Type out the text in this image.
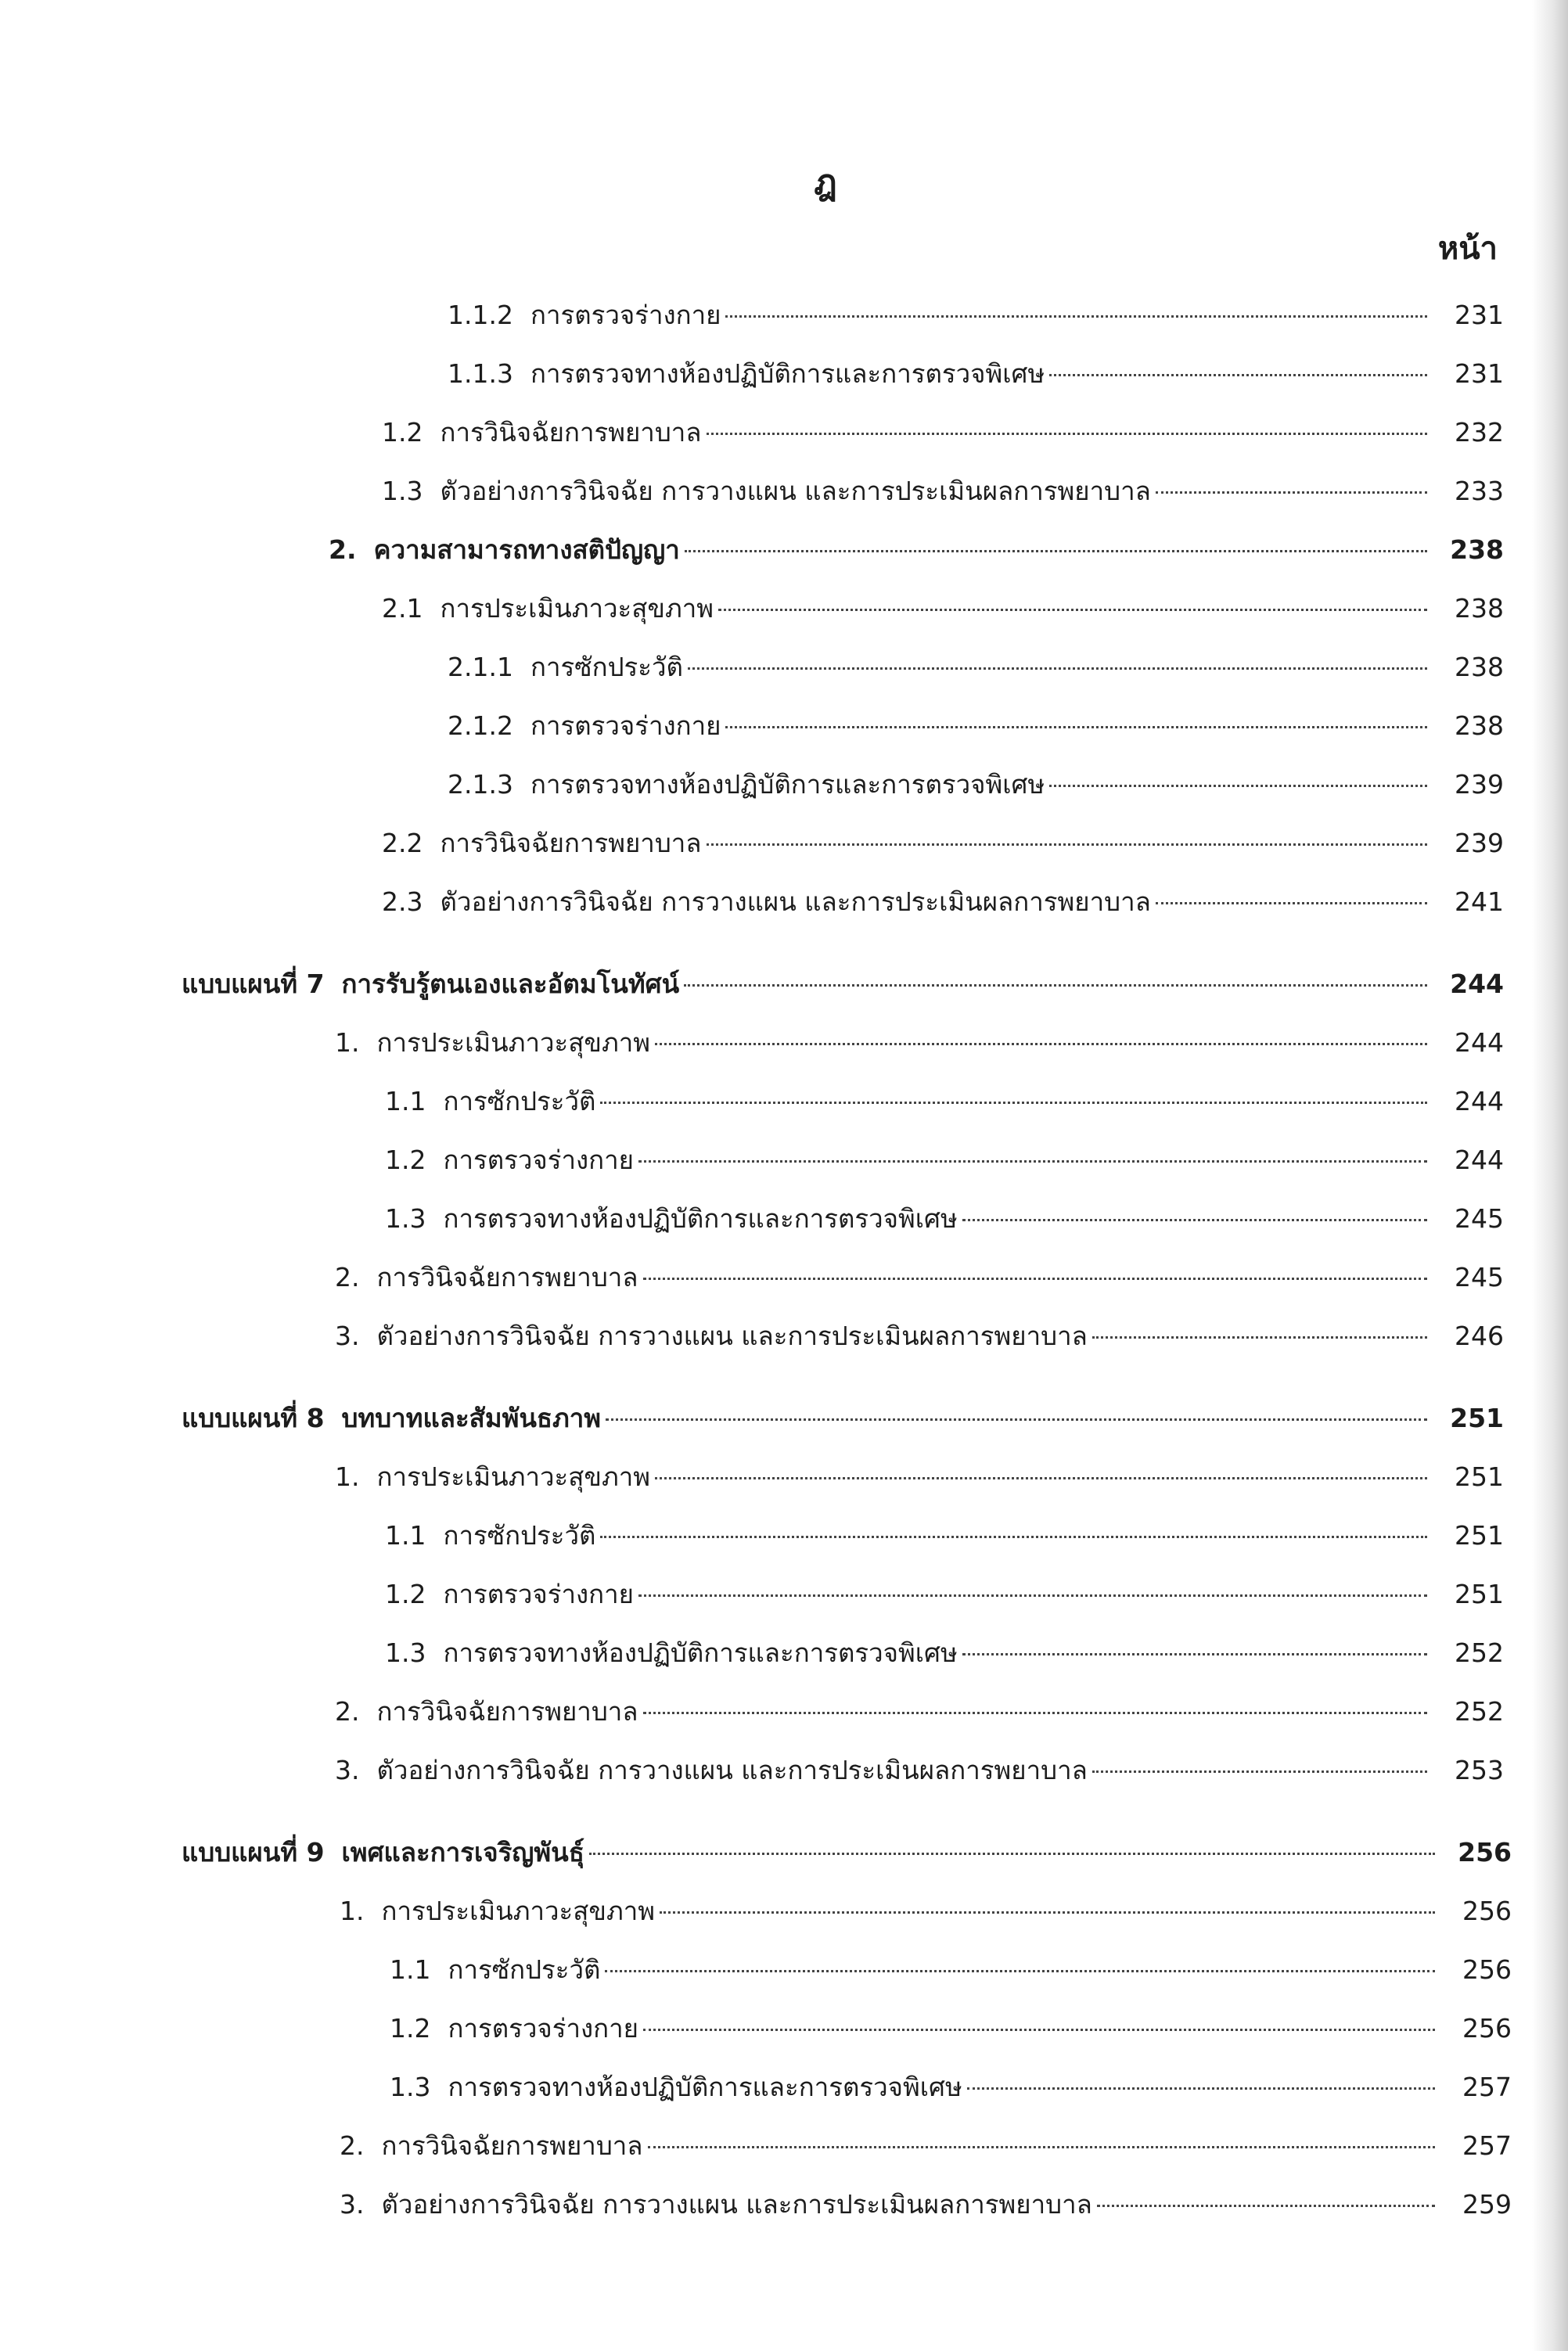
ฎ
หน้า
1.1.2 การตรวจร่างกาย	231
1.1.3 การตรวจทางห้องปฏิบัติการและการตรวจพิเศษ	231
1.2 การวินิจฉัยการพยาบาล	232
1.3 ตัวอย่างการวินิจฉัย การวางแผน และการประเมินผลการพยาบาล	233
2. ความสามารถทางสติปัญญา	238
2.1 การประเมินภาวะสุขภาพ	238
2.1.1 การซักประวัติ	238
2.1.2 การตรวจร่างกาย	238
2.1.3 การตรวจทางห้องปฏิบัติการและการตรวจพิเศษ	239
2.2 การวินิจฉัยการพยาบาล	239
2.3 ตัวอย่างการวินิจฉัย การวางแผน และการประเมินผลการพยาบาล	241
แบบแผนที่ 7 การรับรู้ตนเองและอัตมโนทัศน์	244
1. การประเมินภาวะสุขภาพ	244
1.1 การซักประวัติ	244
1.2 การตรวจร่างกาย	244
1.3 การตรวจทางห้องปฏิบัติการและการตรวจพิเศษ	245
2. การวินิจฉัยการพยาบาล	245
3. ตัวอย่างการวินิจฉัย การวางแผน และการประเมินผลการพยาบาล	246
แบบแผนที่ 8 บทบาทและสัมพันธภาพ	251
1. การประเมินภาวะสุขภาพ	251
1.1 การซักประวัติ	251
1.2 การตรวจร่างกาย	251
1.3 การตรวจทางห้องปฏิบัติการและการตรวจพิเศษ	252
2. การวินิจฉัยการพยาบาล	252
3. ตัวอย่างการวินิจฉัย การวางแผน และการประเมินผลการพยาบาล	253
แบบแผนที่ 9 เพศและการเจริญพันธุ์	256
1. การประเมินภาวะสุขภาพ	256
1.1 การซักประวัติ	256
1.2 การตรวจร่างกาย	256
1.3 การตรวจทางห้องปฏิบัติการและการตรวจพิเศษ	257
2. การวินิจฉัยการพยาบาล	257
3. ตัวอย่างการวินิจฉัย การวางแผน และการประเมินผลการพยาบาล	259
